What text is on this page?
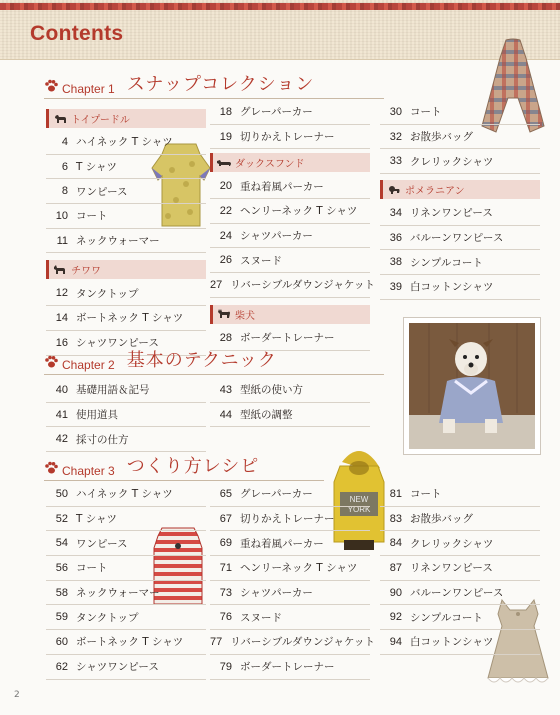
Contents
NEW
YORK
Chapter 1 スナップコレクション
トイプードル
4 ハイネック T シャツ
6 T シャツ
8 ワンピース
10 コート
11 ネックウォーマー
チワワ
12 タンクトップ
14 ボートネック T シャツ
16 シャツワンピース
18 グレーパーカー
19 切りかえトレーナー
ダックスフンド
20 重ね着風パーカー
22 ヘンリーネック T シャツ
24 シャツパーカー
26 スヌード
27 リバーシブルダウンジャケット
柴犬
28 ボーダートレーナー
30 コート
32 お散歩バッグ
33 クレリックシャツ
ポメラニアン
34 リネンワンピース
36 バルーンワンピース
38 シンプルコート
39 白コットンシャツ
Chapter 2 基本のテクニック
40 基礎用語＆記号
41 使用道具
42 採寸の仕方
43 型紙の使い方
44 型紙の調整
Chapter 3 つくり方レシピ
50 ハイネック T シャツ
52 T シャツ
54 ワンピース
56 コート
58 ネックウォーマー
59 タンクトップ
60 ボートネック T シャツ
62 シャツワンピース
65 グレーパーカー
67 切りかえトレーナー
69 重ね着風パーカー
71 ヘンリーネック T シャツ
73 シャツパーカー
76 スヌード
77 リバーシブルダウンジャケット
79 ボーダートレーナー
81 コート
83 お散歩バッグ
84 クレリックシャツ
87 リネンワンピース
90 バルーンワンピース
92 シンプルコート
94 白コットンシャツ
2
